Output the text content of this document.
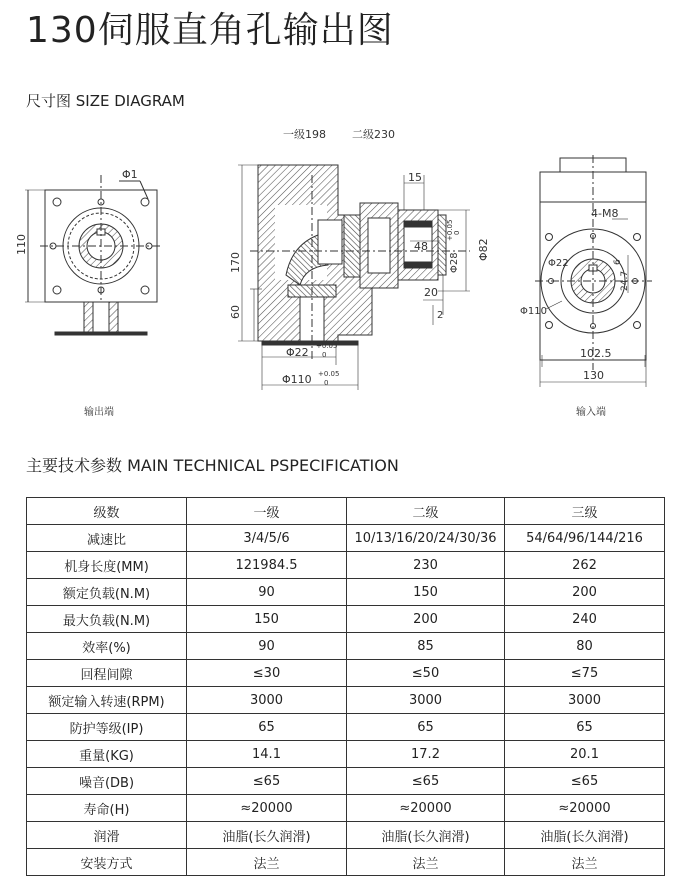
130伺服直角孔输出图
尺寸图 SIZE DIAGRAM
一级198 二级230
Φ1
110
输出端
15
170
60
48
Φ28
Φ82
20
2
+0.05 0
Φ22 +0.05
0
Φ110 +0.05
0
4-M8
Φ22
24.7
6
Φ110
102.5
130
输入端
主要技术参数 MAIN TECHNICAL PSPECIFICATION
级数	一级	二级	三级
减速比	3/4/5/6	10/13/16/20/24/30/36	54/64/96/144/216
机身长度(MM)	121984.5	230	262
额定负载(N.M)	90	150	200
最大负载(N.M)	150	200	240
效率(%)	90	85	80
回程间隙	≤30	≤50	≤75
额定输入转速(RPM)	3000	3000	3000
防护等级(IP)	65	65	65
重量(KG)	14.1	17.2	20.1
噪音(DB)	≤65	≤65	≤65
寿命(H)	≈20000	≈20000	≈20000
润滑	油脂(长久润滑)	油脂(长久润滑)	油脂(长久润滑)
安装方式	法兰	法兰	法兰
